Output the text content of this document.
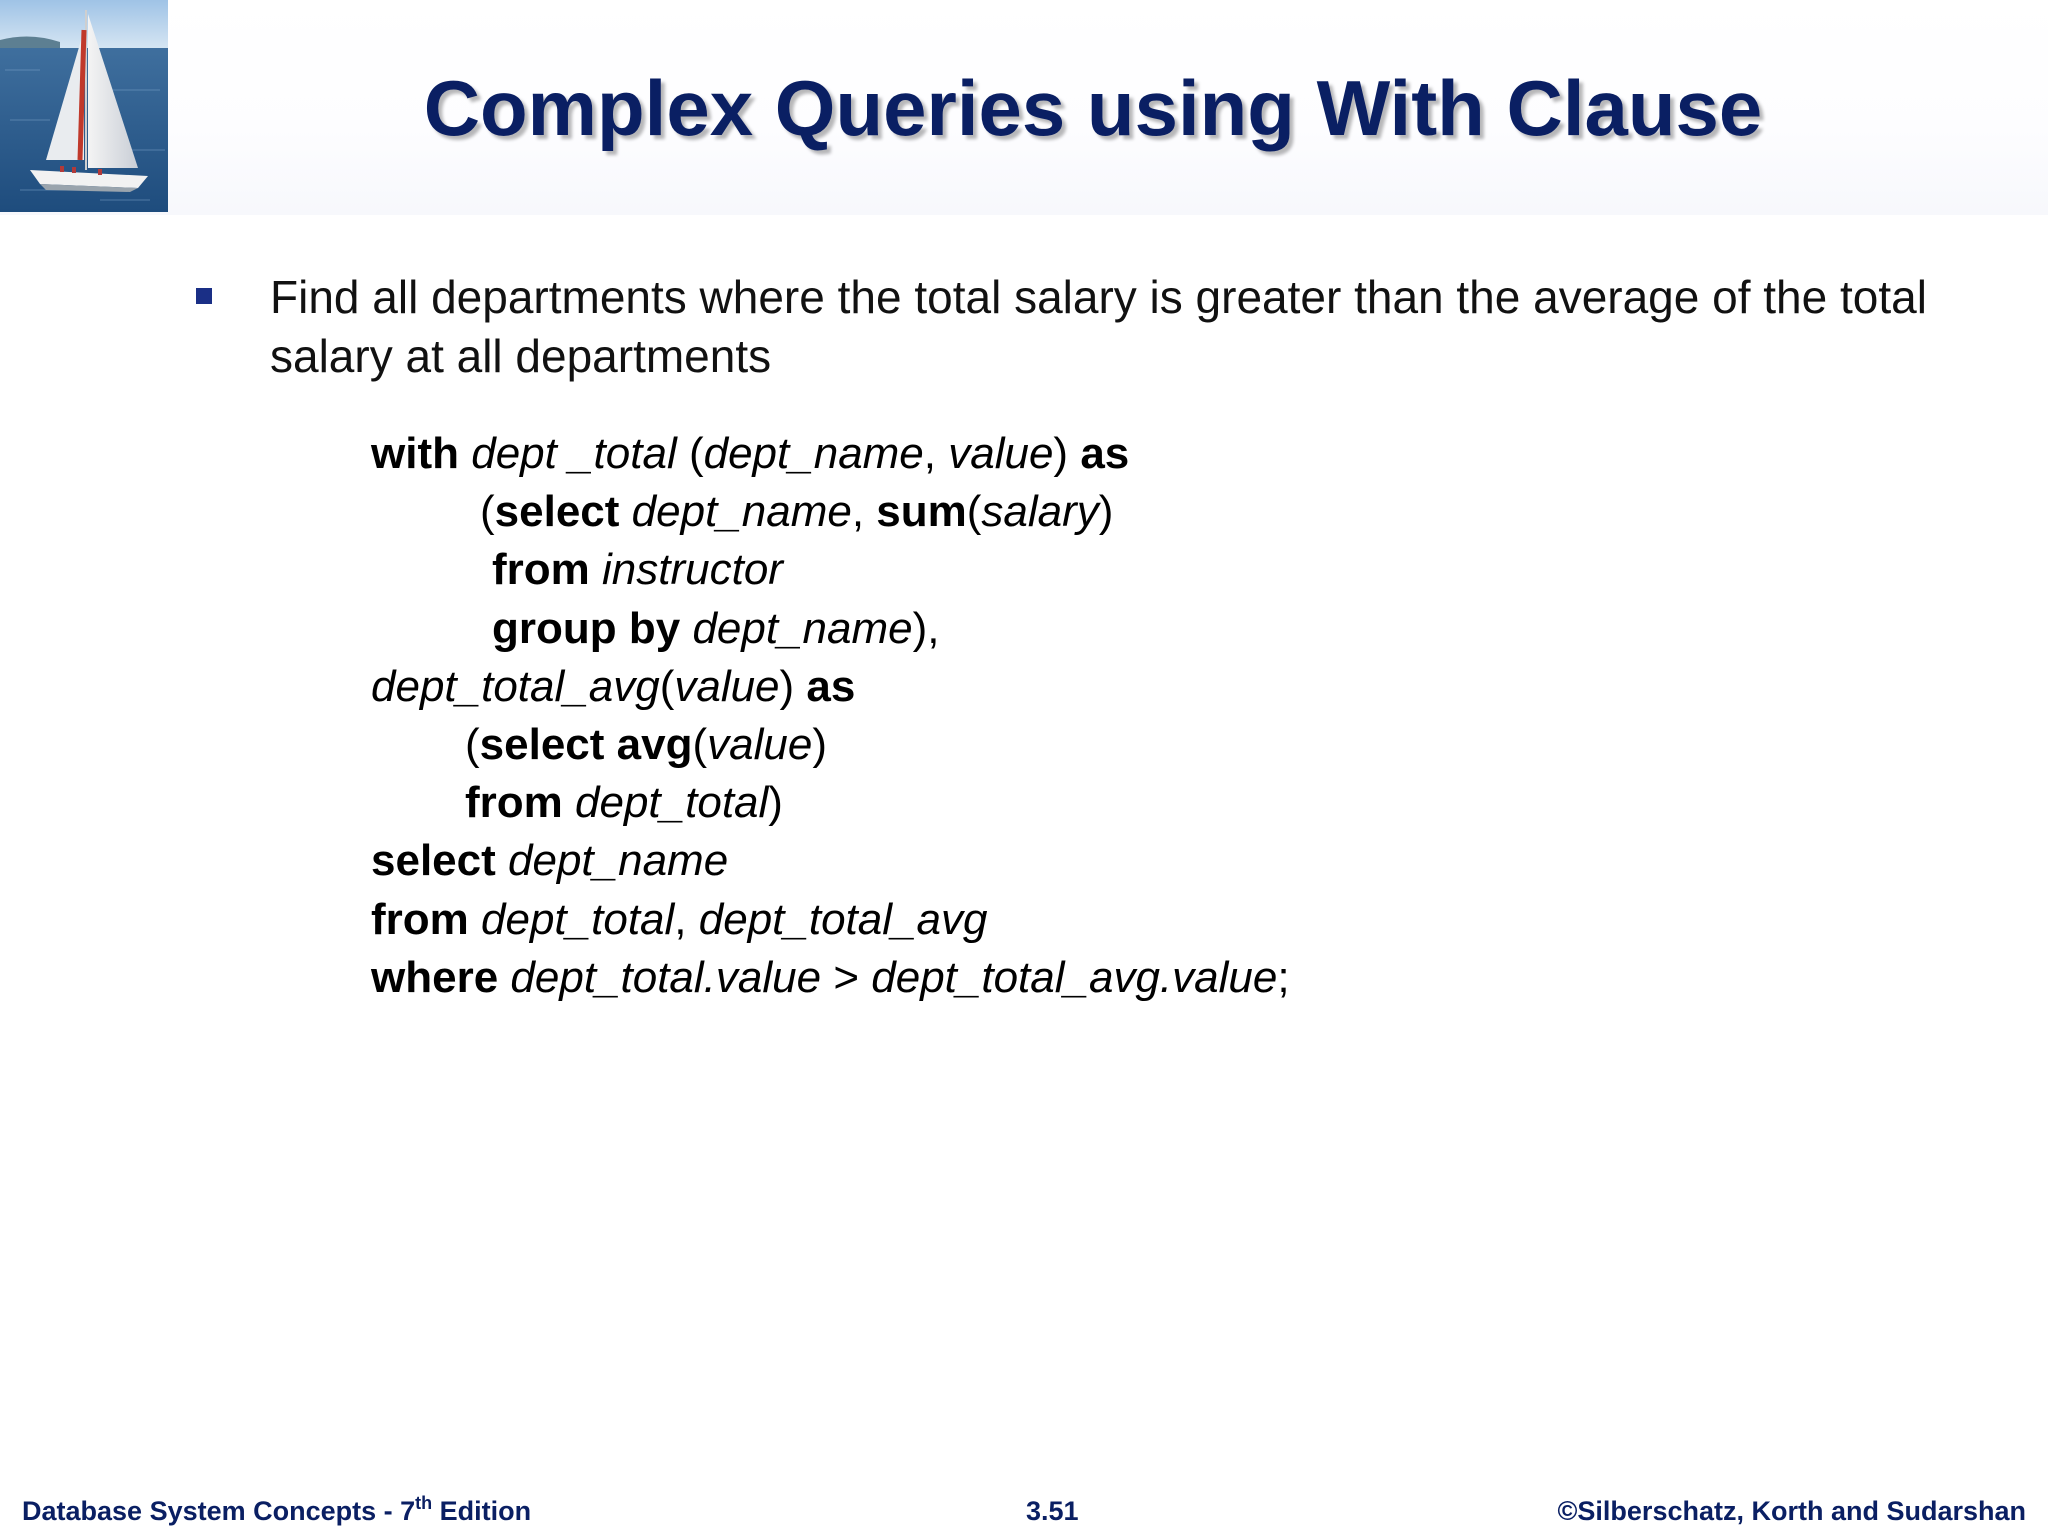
Complex Queries using With Clause
Find all departments where the total salary is greater than the average of the total salary at all departments
with dept _total (dept_name, value) as
(select dept_name, sum(salary)
from instructor
group by dept_name),
dept_total_avg(value) as
(select avg(value)
from dept_total)
select dept_name
from dept_total, dept_total_avg
where dept_total.value > dept_total_avg.value;
Database System Concepts - 7th Edition	3.51	©Silberschatz, Korth and Sudarshan
